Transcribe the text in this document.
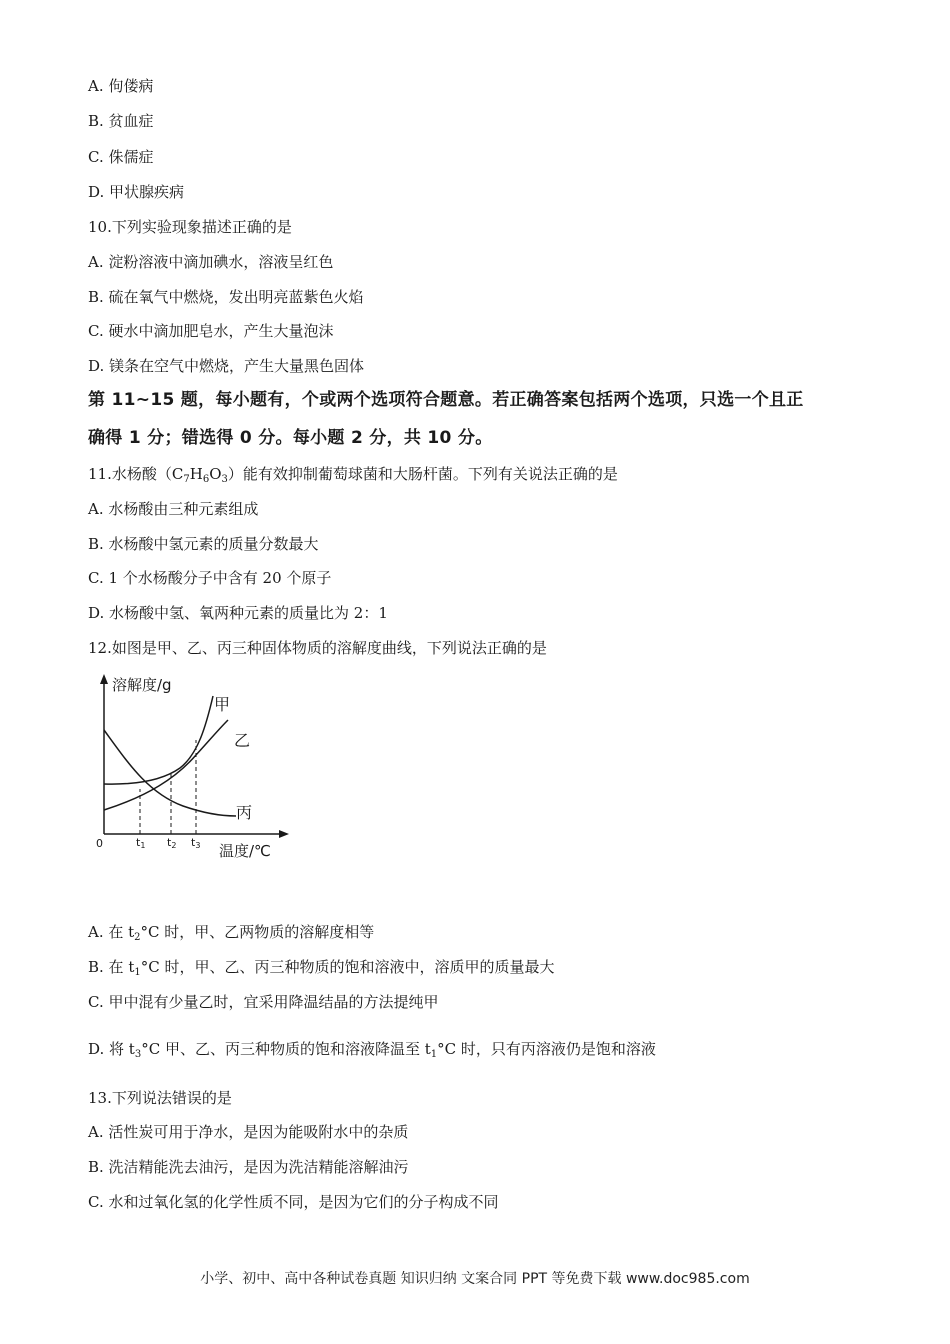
A. 佝偻病
B. 贫血症
C. 侏儒症
D. 甲状腺疾病
10.下列实验现象描述正确的是
A. 淀粉溶液中滴加碘水，溶液呈红色
B. 硫在氧气中燃烧，发出明亮蓝紫色火焰
C. 硬水中滴加肥皂水，产生大量泡沫
D. 镁条在空气中燃烧，产生大量黑色固体
第 11~15 题，每小题有，个或两个选项符合题意。若正确答案包括两个选项，只选一个且正
确得 1 分；错选得 0 分。每小题 2 分，共 10 分。
11.水杨酸$(C_7H_6O_3)$能有效抑制葡萄球菌和大肠杆菌。下列有关说法正确的是
A. 水杨酸由三种元素组成
B. 水杨酸中氢元素的质量分数最大
C. 1 个水杨酸分子中含有 20 个原子
D. 水杨酸中氢、氧两种元素的质量比为 2：1
12.如图是甲、乙、丙三种固体物质的溶解度曲线，下列说法正确的是
溶解度/g
温度/℃
0
甲
乙
丙
t1 t2 t3
A. 在 $t_2^\circ C$ 时，甲、乙两物质的溶解度相等
B. 在 $t_1^\circ C$ 时，甲、乙、丙三种物质的饱和溶液中，溶质甲的质量最大
C. 甲中混有少量乙时，宜采用降温结晶的方法提纯甲
D. 将 $t_3^\circ C$ 甲、乙、丙三种物质的饱和溶液降温至 $t_1^\circ C$ 时，只有丙溶液仍是饱和溶液
13.下列说法错误的是
A. 活性炭可用于净水，是因为能吸附水中的杂质
B. 洗洁精能洗去油污，是因为洗洁精能溶解油污
C. 水和过氧化氢的化学性质不同，是因为它们的分子构成不同
小学、初中、高中各种试卷真题 知识归纳 文案合同 PPT 等免费下载 www.doc985.com
